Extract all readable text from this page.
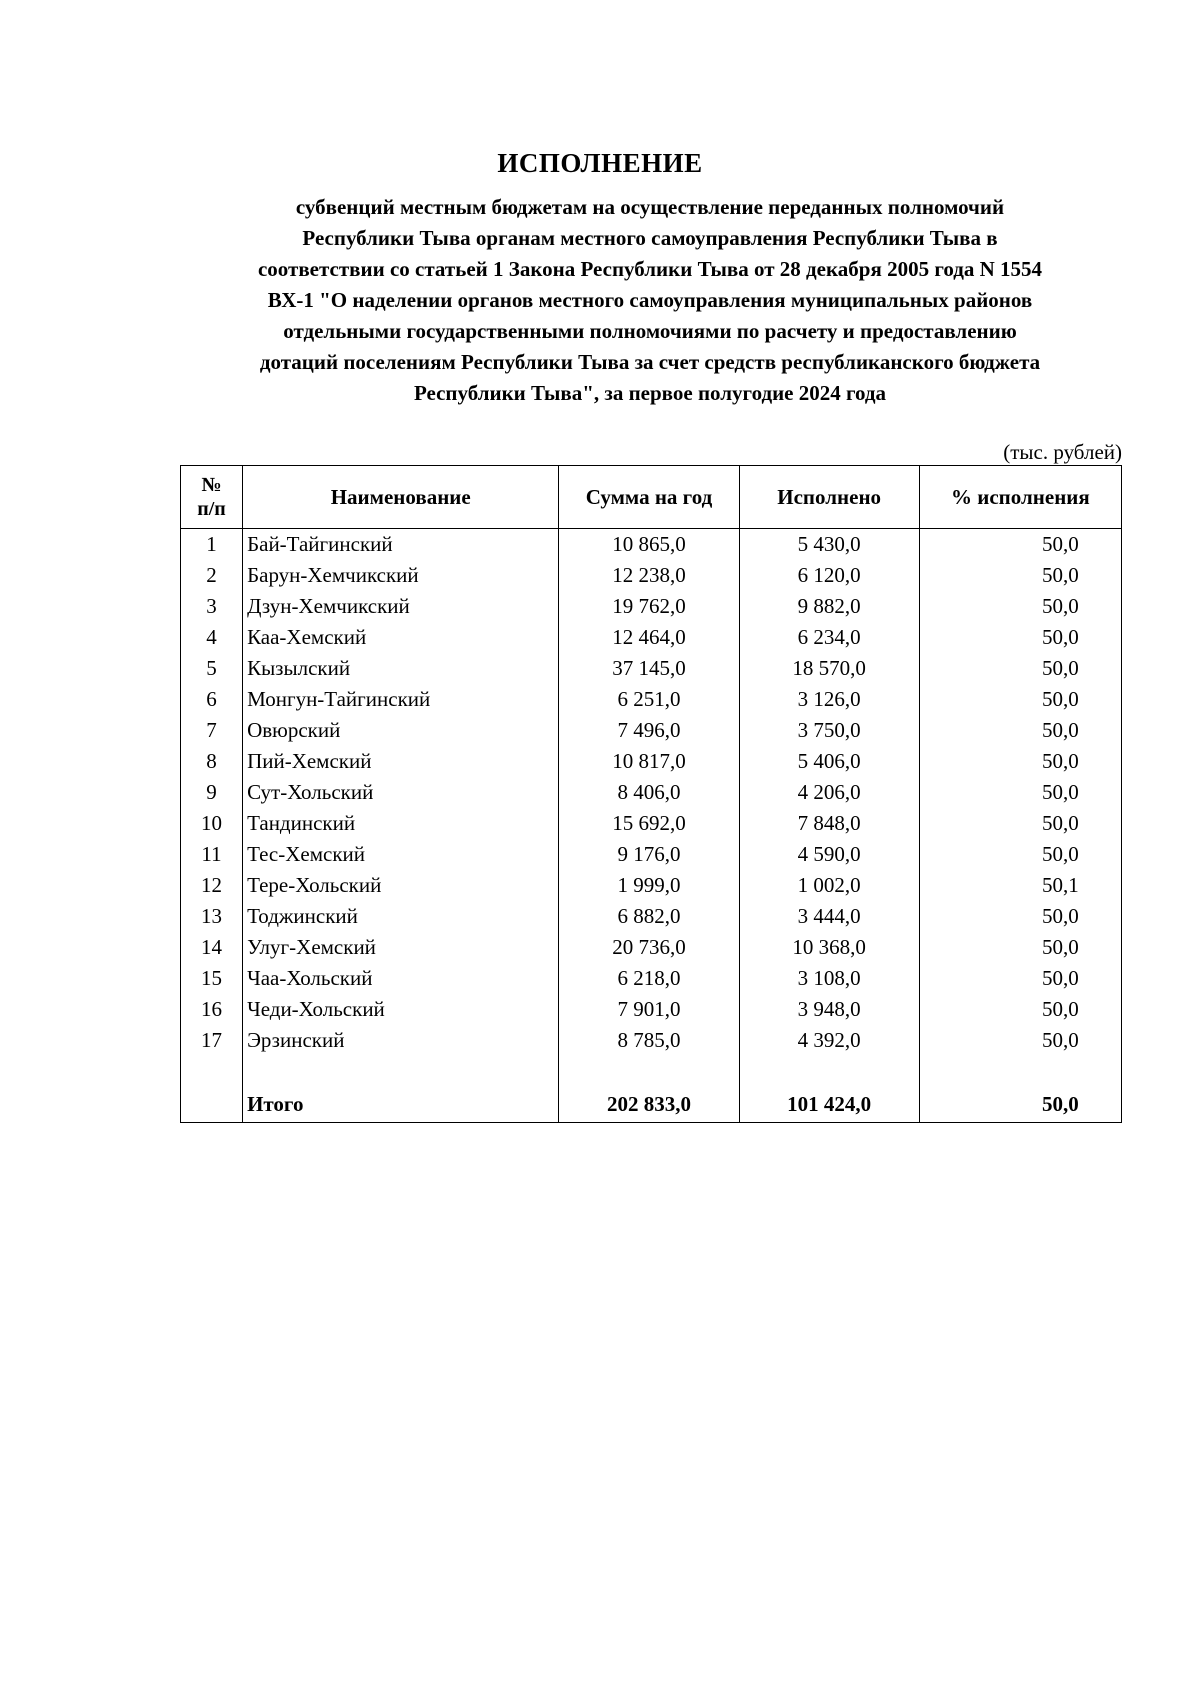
ИСПОЛНЕНИЕ
субвенций местным бюджетам на осуществление переданных полномочий
Республики Тыва органам местного самоуправления Республики Тыва в
соответствии со статьей 1 Закона Республики Тыва от 28 декабря 2005 года N 1554
ВХ-1 "О наделении органов местного самоуправления муниципальных районов
отдельными государственными полномочиями по расчету и предоставлению
дотаций поселениям Республики Тыва за счет средств республиканского бюджета
Республики Тыва", за первое полугодие 2024 года
(тыс. рублей)
№
п/п	Наименование	Сумма на год	Исполнено	% исполнения
1	Бай-Тайгинский	10 865,0	5 430,0	50,0
2	Барун-Хемчикский	12 238,0	6 120,0	50,0
3	Дзун-Хемчикский	19 762,0	9 882,0	50,0
4	Каа-Хемский	12 464,0	6 234,0	50,0
5	Кызылский	37 145,0	18 570,0	50,0
6	Монгун-Тайгинский	6 251,0	3 126,0	50,0
7	Овюрский	7 496,0	3 750,0	50,0
8	Пий-Хемский	10 817,0	5 406,0	50,0
9	Сут-Хольский	8 406,0	4 206,0	50,0
10	Тандинский	15 692,0	7 848,0	50,0
11	Тес-Хемский	9 176,0	4 590,0	50,0
12	Тере-Хольский	1 999,0	1 002,0	50,1
13	Тоджинский	6 882,0	3 444,0	50,0
14	Улуг-Хемский	20 736,0	10 368,0	50,0
15	Чаа-Хольский	6 218,0	3 108,0	50,0
16	Чеди-Хольский	7 901,0	3 948,0	50,0
17	Эрзинский	8 785,0	4 392,0	50,0

	Итого	202 833,0	101 424,0	50,0
